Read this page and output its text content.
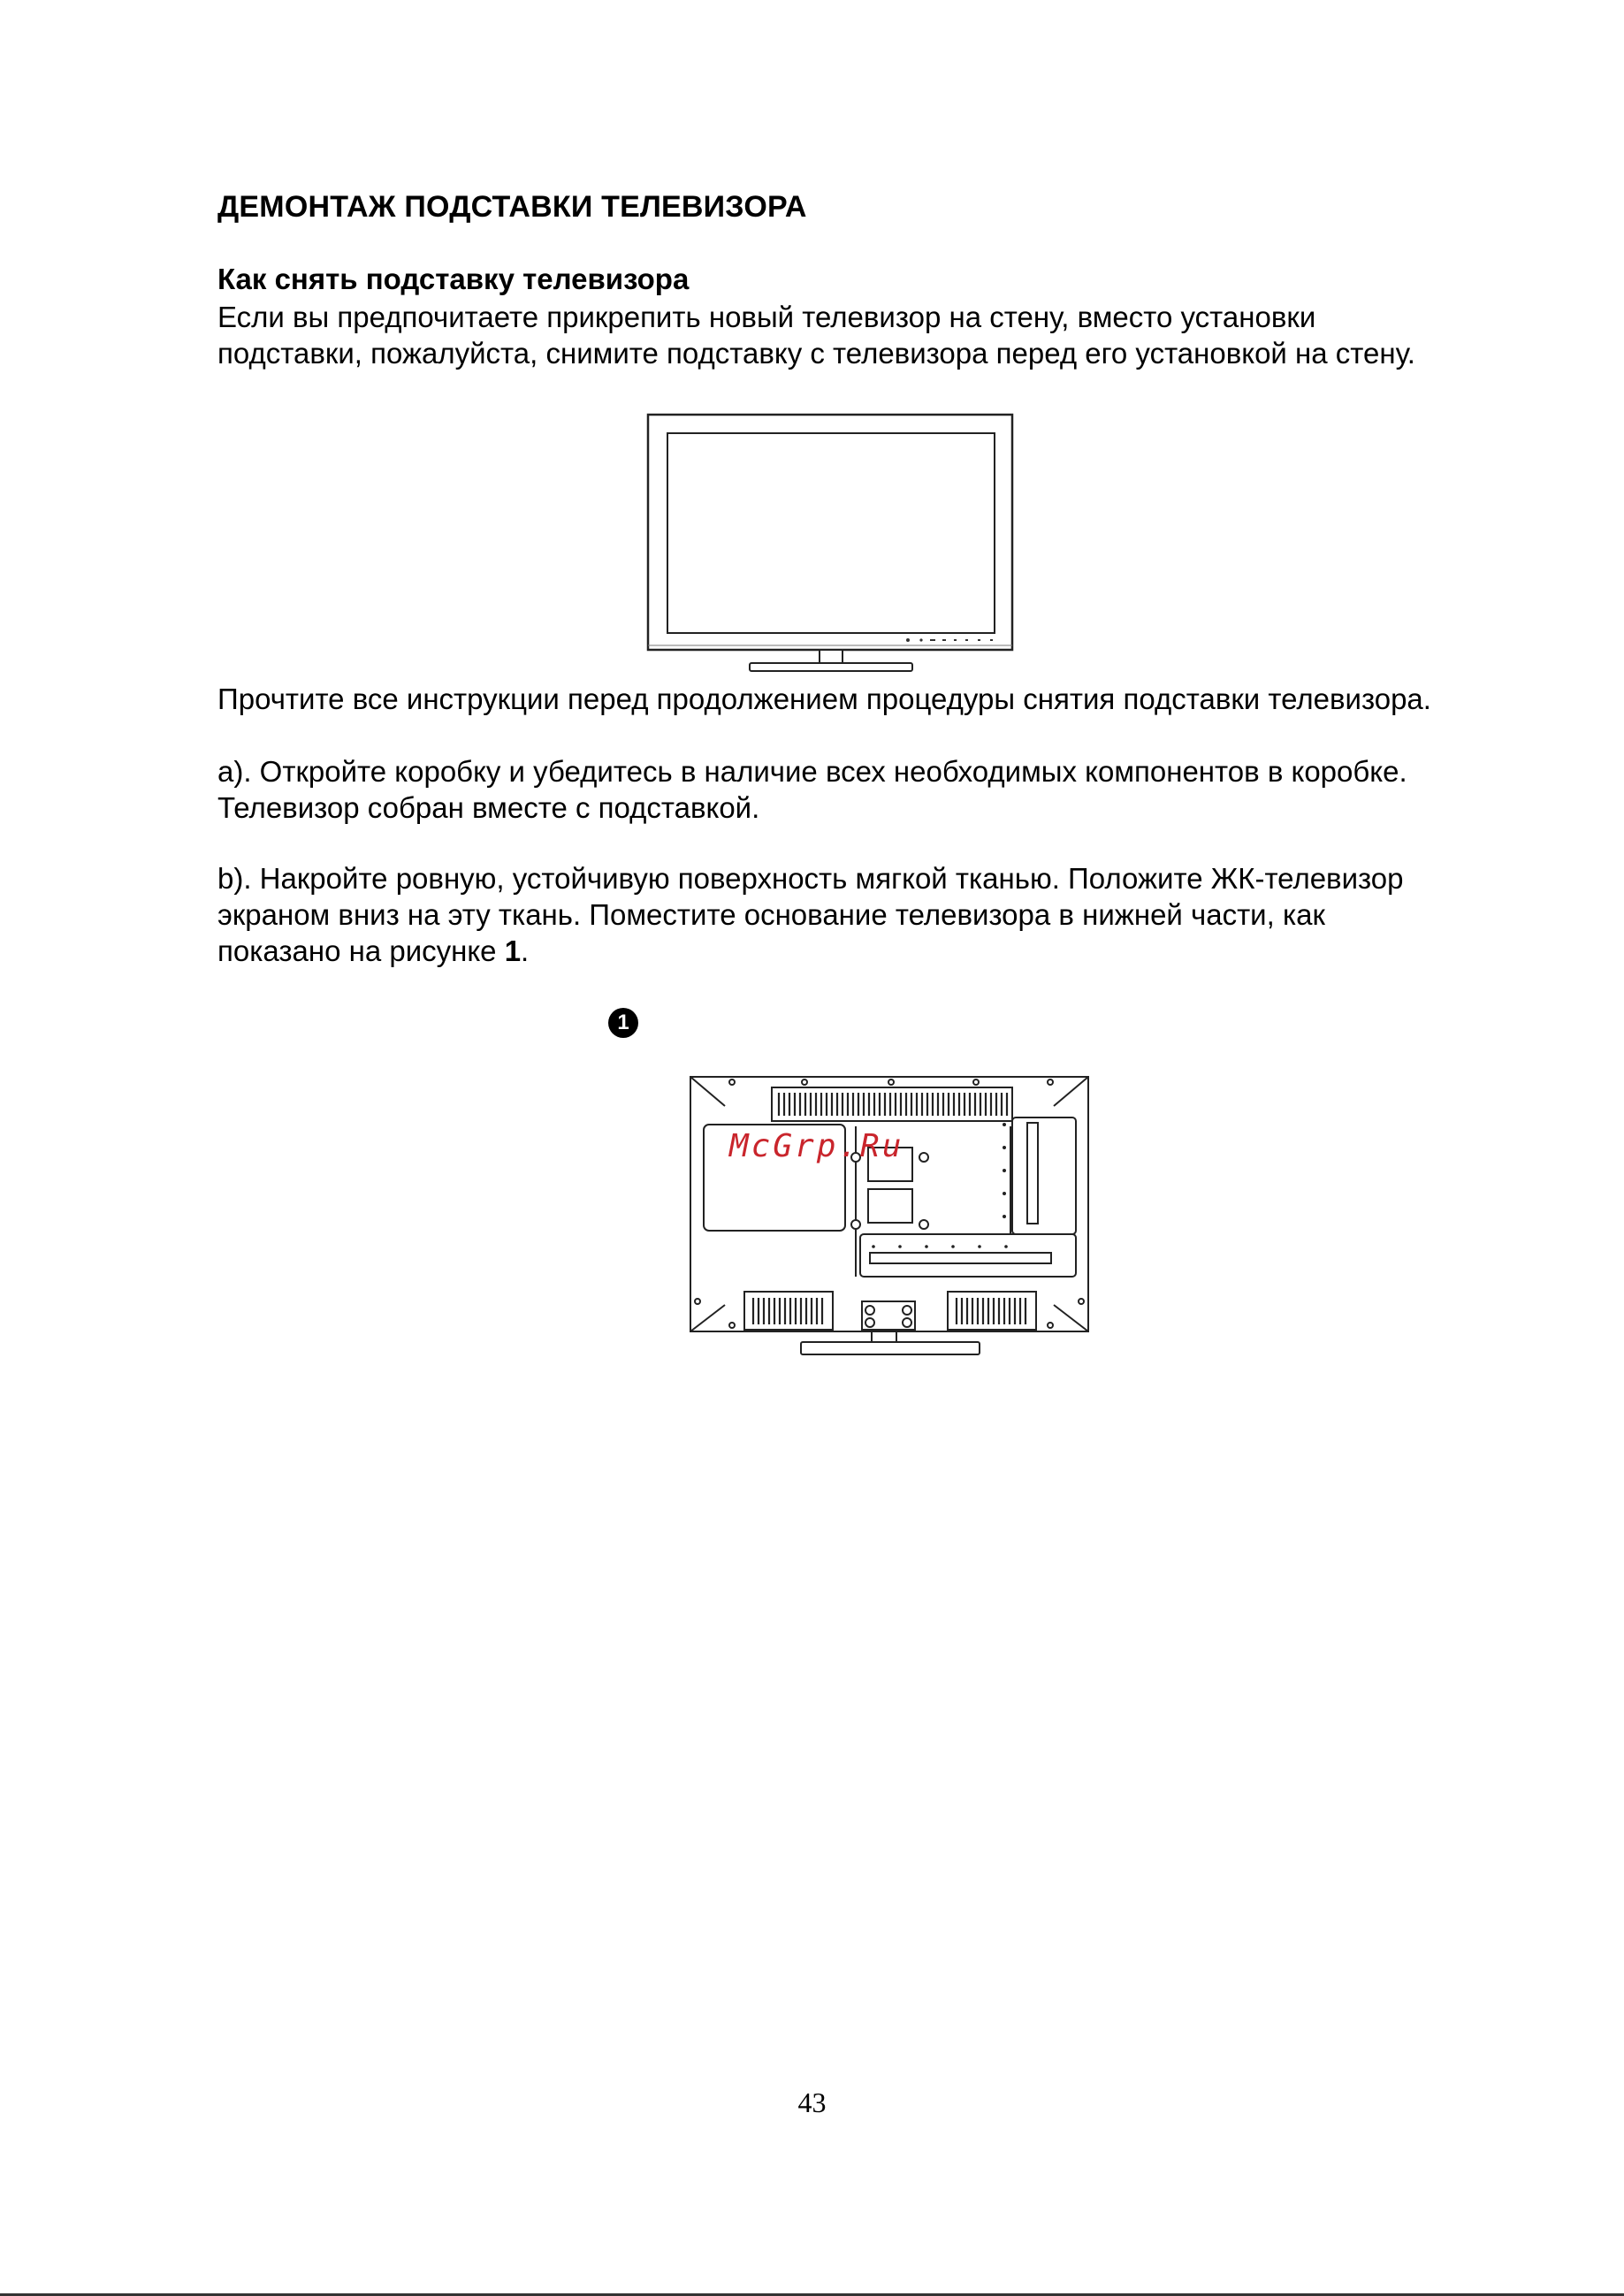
ДЕМОНТАЖ ПОДСТАВКИ ТЕЛЕВИЗОРА
Как снять подставку телевизора

Если вы предпочитаете прикрепить новый телевизор на стену, вместо установки подставки, пожалуйста, снимите подставку с телевизора перед его установкой на стену.

Прочтите все инструкции перед продолжением процедуры снятия подставки телевизора.

a). Откройте коробку и убедитесь в наличие всех необходимых компонентов в коробке. Телевизор собран вместе с подставкой.

b). Накройте ровную, устойчивую поверхность мягкой тканью. Положите ЖК-телевизор экраном вниз на эту ткань. Поместите основание телевизора в нижней части, как показано на рисунке 1.

1
McGrp.Ru
43
